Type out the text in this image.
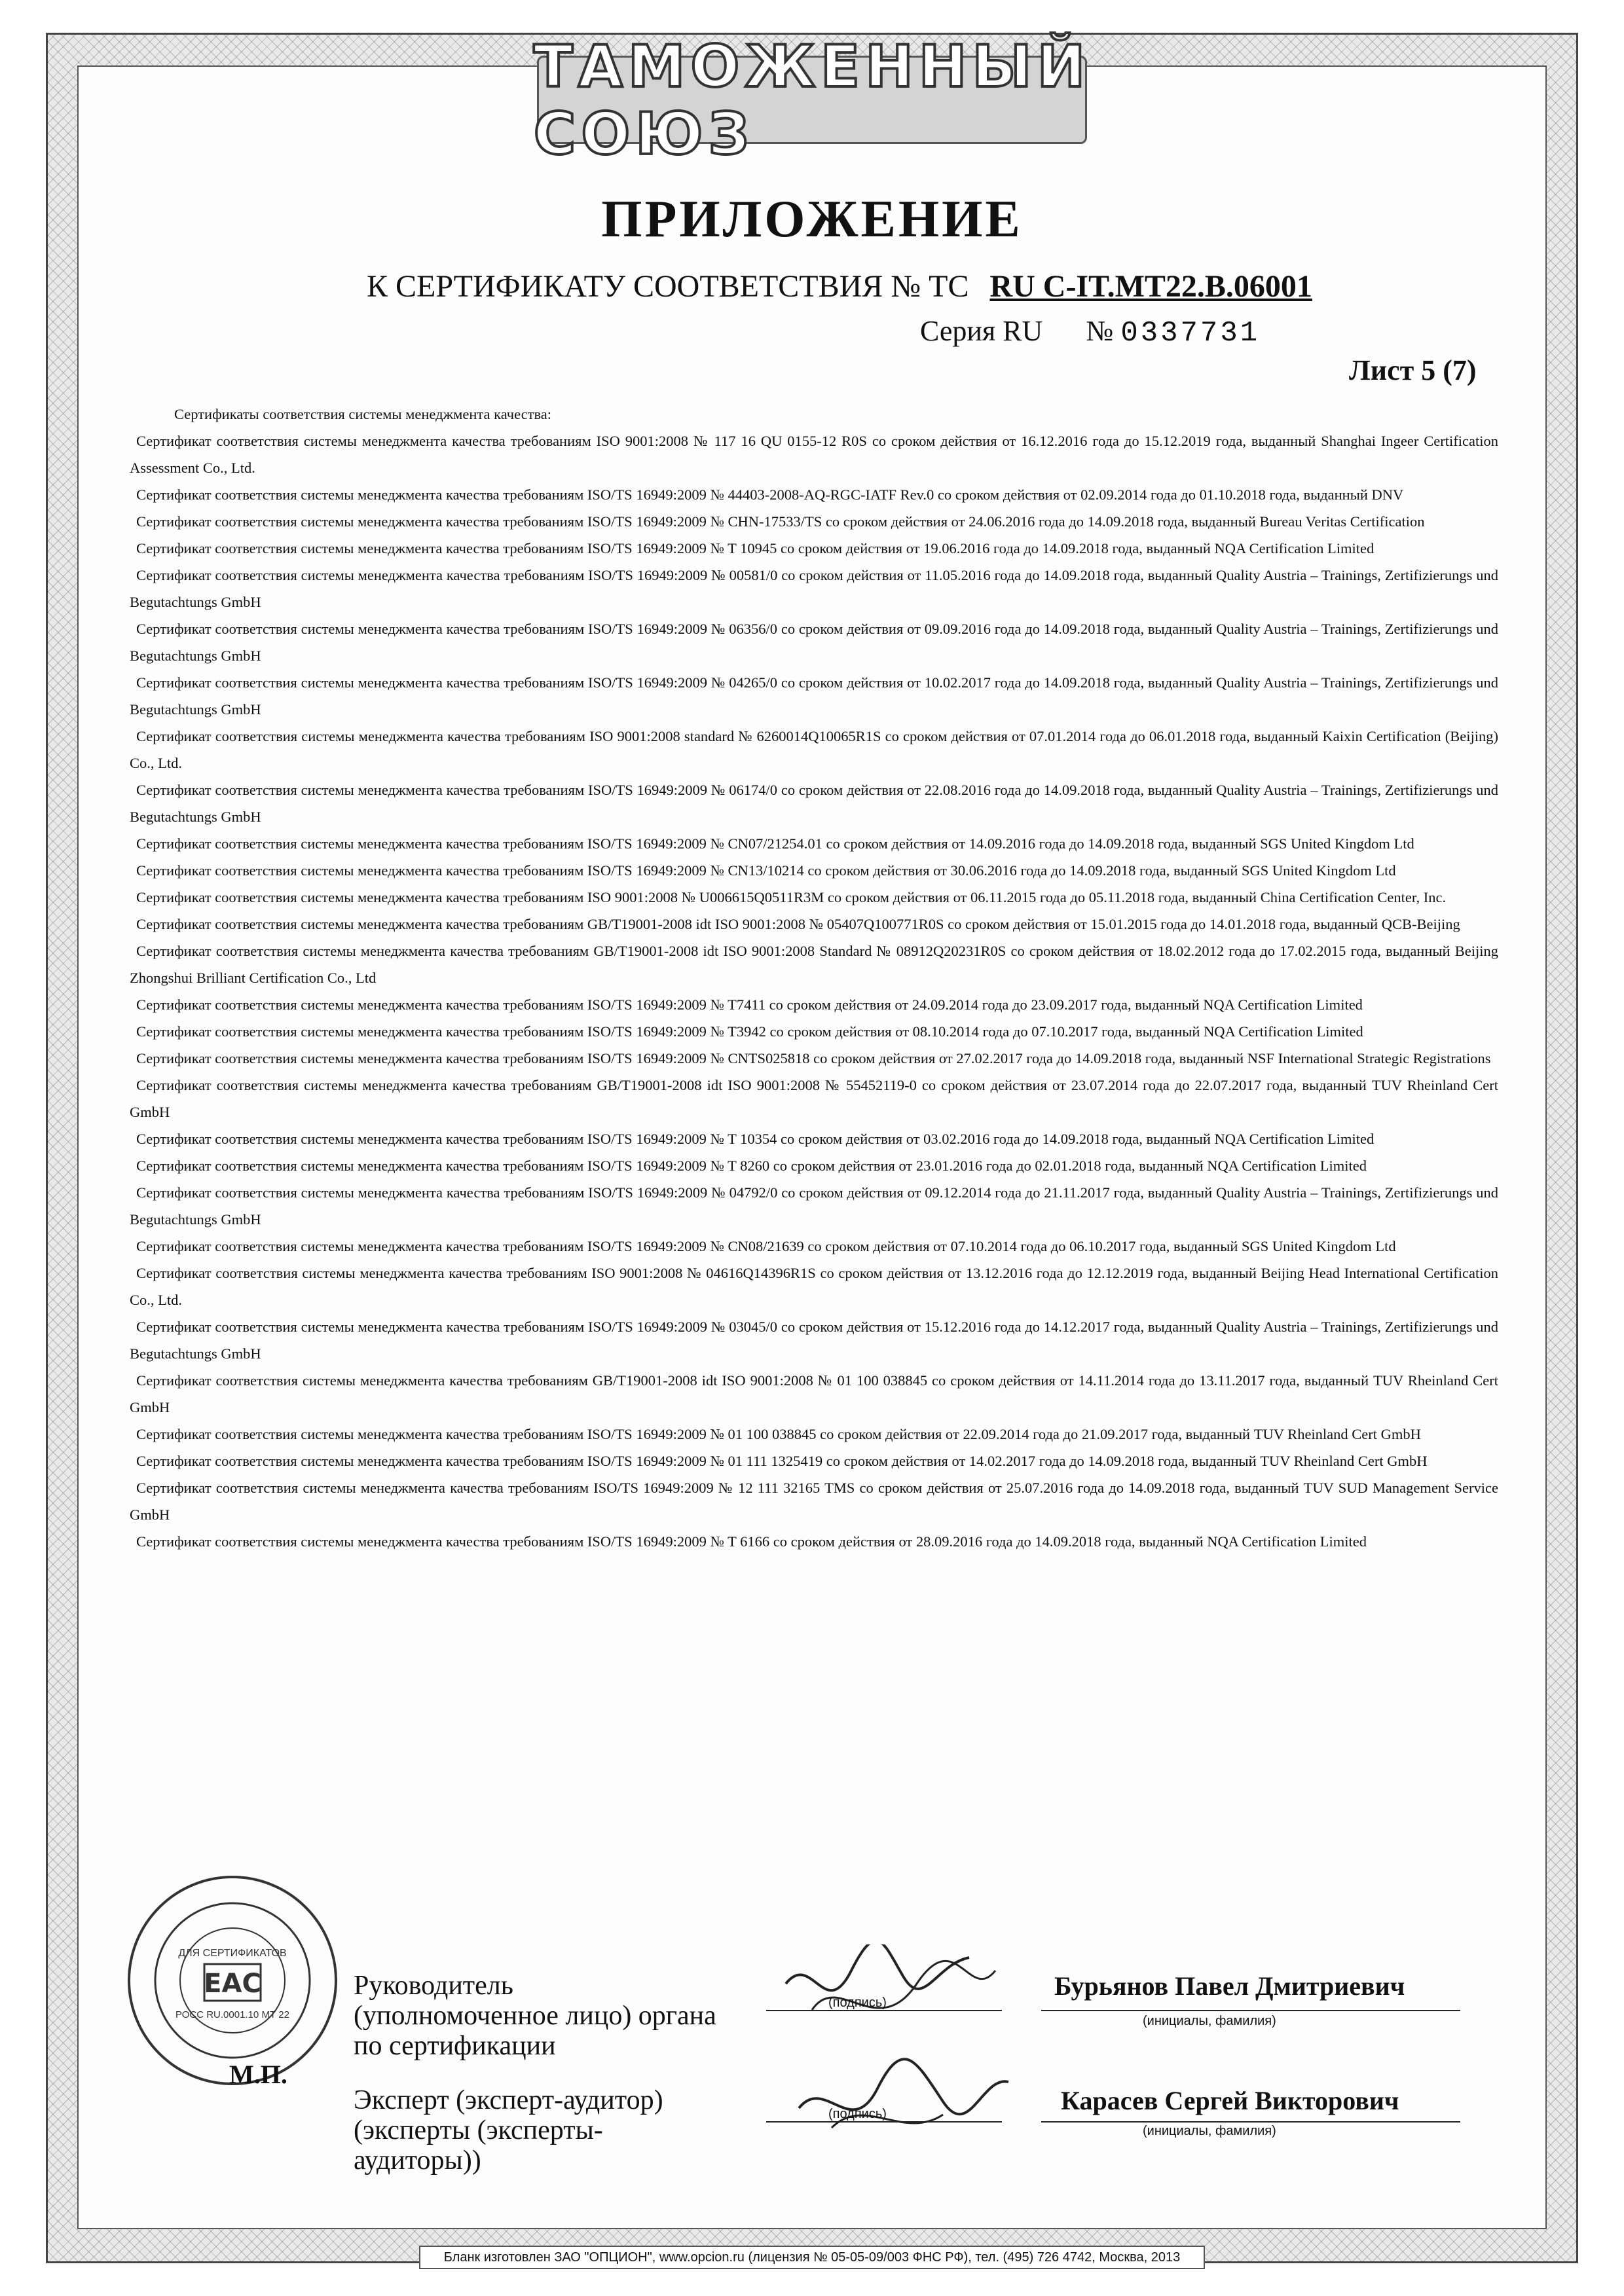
ТАМОЖЕННЫЙ СОЮЗ
ПРИЛОЖЕНИЕ
К СЕРТИФИКАТУ СООТВЕТСТВИЯ № ТС RU C-IT.MT22.B.06001
Серия RU № 0337731
Лист 5 (7)
Сертификаты соответствия системы менеджмента качества:

Сертификат соответствия системы менеджмента качества требованиям ISO 9001:2008 № 117 16 QU 0155-12 R0S со сроком действия от 16.12.2016 года до 15.12.2019 года, выданный Shanghai Ingeer Certification Assessment Co., Ltd.

Сертификат соответствия системы менеджмента качества требованиям ISO/TS 16949:2009 № 44403-2008-AQ-RGC-IATF Rev.0 со сроком действия от 02.09.2014 года до 01.10.2018 года, выданный DNV

Сертификат соответствия системы менеджмента качества требованиям ISO/TS 16949:2009 № CHN-17533/TS со сроком действия от 24.06.2016 года до 14.09.2018 года, выданный Bureau Veritas Certification

Сертификат соответствия системы менеджмента качества требованиям ISO/TS 16949:2009 № T 10945 со сроком действия от 19.06.2016 года до 14.09.2018 года, выданный NQA Certification Limited

Сертификат соответствия системы менеджмента качества требованиям ISO/TS 16949:2009 № 00581/0 со сроком действия от 11.05.2016 года до 14.09.2018 года, выданный Quality Austria – Trainings, Zertifizierungs und Begutachtungs GmbH

Сертификат соответствия системы менеджмента качества требованиям ISO/TS 16949:2009 № 06356/0 со сроком действия от 09.09.2016 года до 14.09.2018 года, выданный Quality Austria – Trainings, Zertifizierungs und Begutachtungs GmbH

Сертификат соответствия системы менеджмента качества требованиям ISO/TS 16949:2009 № 04265/0 со сроком действия от 10.02.2017 года до 14.09.2018 года, выданный Quality Austria – Trainings, Zertifizierungs und Begutachtungs GmbH

Сертификат соответствия системы менеджмента качества требованиям ISO 9001:2008 standard № 6260014Q10065R1S со сроком действия от 07.01.2014 года до 06.01.2018 года, выданный Kaixin Certification (Beijing) Co., Ltd.

Сертификат соответствия системы менеджмента качества требованиям ISO/TS 16949:2009 № 06174/0 со сроком действия от 22.08.2016 года до 14.09.2018 года, выданный Quality Austria – Trainings, Zertifizierungs und Begutachtungs GmbH

Сертификат соответствия системы менеджмента качества требованиям ISO/TS 16949:2009 № CN07/21254.01 со сроком действия от 14.09.2016 года до 14.09.2018 года, выданный SGS United Kingdom Ltd

Сертификат соответствия системы менеджмента качества требованиям ISO/TS 16949:2009 № CN13/10214 со сроком действия от 30.06.2016 года до 14.09.2018 года, выданный SGS United Kingdom Ltd

Сертификат соответствия системы менеджмента качества требованиям ISO 9001:2008 № U006615Q0511R3M со сроком действия от 06.11.2015 года до 05.11.2018 года, выданный China Certification Center, Inc.

Сертификат соответствия системы менеджмента качества требованиям GB/T19001-2008 idt ISO 9001:2008 № 05407Q100771R0S со сроком действия от 15.01.2015 года до 14.01.2018 года, выданный QCB-Beijing

Сертификат соответствия системы менеджмента качества требованиям GB/T19001-2008 idt ISO 9001:2008 Standard № 08912Q20231R0S со сроком действия от 18.02.2012 года до 17.02.2015 года, выданный Beijing Zhongshui Brilliant Certification Co., Ltd

Сертификат соответствия системы менеджмента качества требованиям ISO/TS 16949:2009 № T7411 со сроком действия от 24.09.2014 года до 23.09.2017 года, выданный NQA Certification Limited

Сертификат соответствия системы менеджмента качества требованиям ISO/TS 16949:2009 № T3942 со сроком действия от 08.10.2014 года до 07.10.2017 года, выданный NQA Certification Limited

Сертификат соответствия системы менеджмента качества требованиям ISO/TS 16949:2009 № CNTS025818 со сроком действия от 27.02.2017 года до 14.09.2018 года, выданный NSF International Strategic Registrations

Сертификат соответствия системы менеджмента качества требованиям GB/T19001-2008 idt ISO 9001:2008 № 55452119-0 со сроком действия от 23.07.2014 года до 22.07.2017 года, выданный TUV Rheinland Cert GmbH

Сертификат соответствия системы менеджмента качества требованиям ISO/TS 16949:2009 № T 10354 со сроком действия от 03.02.2016 года до 14.09.2018 года, выданный NQA Certification Limited

Сертификат соответствия системы менеджмента качества требованиям ISO/TS 16949:2009 № T 8260 со сроком действия от 23.01.2016 года до 02.01.2018 года, выданный NQA Certification Limited

Сертификат соответствия системы менеджмента качества требованиям ISO/TS 16949:2009 № 04792/0 со сроком действия от 09.12.2014 года до 21.11.2017 года, выданный Quality Austria – Trainings, Zertifizierungs und Begutachtungs GmbH

Сертификат соответствия системы менеджмента качества требованиям ISO/TS 16949:2009 № CN08/21639 со сроком действия от 07.10.2014 года до 06.10.2017 года, выданный SGS United Kingdom Ltd

Сертификат соответствия системы менеджмента качества требованиям ISO 9001:2008 № 04616Q14396R1S со сроком действия от 13.12.2016 года до 12.12.2019 года, выданный Beijing Head International Certification Co., Ltd.

Сертификат соответствия системы менеджмента качества требованиям ISO/TS 16949:2009 № 03045/0 со сроком действия от 15.12.2016 года до 14.12.2017 года, выданный Quality Austria – Trainings, Zertifizierungs und Begutachtungs GmbH

Сертификат соответствия системы менеджмента качества требованиям GB/T19001-2008 idt ISO 9001:2008 № 01 100 038845 со сроком действия от 14.11.2014 года до 13.11.2017 года, выданный TUV Rheinland Cert GmbH

Сертификат соответствия системы менеджмента качества требованиям ISO/TS 16949:2009 № 01 100 038845 со сроком действия от 22.09.2014 года до 21.09.2017 года, выданный TUV Rheinland Cert GmbH

Сертификат соответствия системы менеджмента качества требованиям ISO/TS 16949:2009 № 01 111 1325419 со сроком действия от 14.02.2017 года до 14.09.2018 года, выданный TUV Rheinland Cert GmbH

Сертификат соответствия системы менеджмента качества требованиям ISO/TS 16949:2009 № 12 111 32165 TMS со сроком действия от 25.07.2016 года до 14.09.2018 года, выданный TUV SUD Management Service GmbH

Сертификат соответствия системы менеджмента качества требованиям ISO/TS 16949:2009 № T 6166 со сроком действия от 28.09.2016 года до 14.09.2018 года, выданный NQA Certification Limited

ДЛЯ СЕРТИФИКАТОВ
ЕАС
РОСС RU.0001.10 МТ 22
Руководитель (уполномоченное лицо) органа по сертификации
(подпись)
Бурьянов Павел Дмитриевич
(инициалы, фамилия)
Эксперт (эксперт-аудитор) (эксперты (эксперты-аудиторы))
(подпись)	Карасев Сергей Викторович
(инициалы, фамилия)
М.П.
Бланк изготовлен ЗАО "ОПЦИОН", www.opcion.ru (лицензия № 05-05-09/003 ФНС РФ), тел. (495) 726 4742, Москва, 2013
